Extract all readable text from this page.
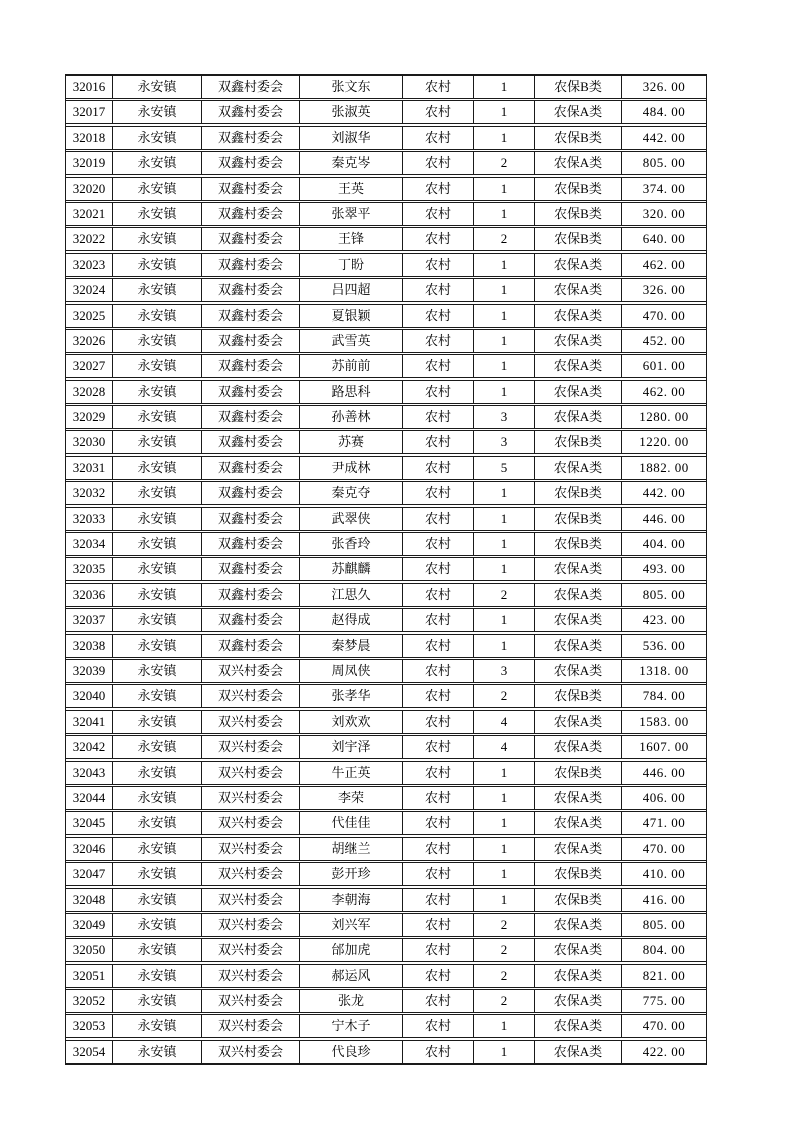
32016	永安镇	双鑫村委会	张文东	农村	1	农保B类	326. 00
32017	永安镇	双鑫村委会	张淑英	农村	1	农保A类	484. 00
32018	永安镇	双鑫村委会	刘淑华	农村	1	农保B类	442. 00
32019	永安镇	双鑫村委会	秦克岑	农村	2	农保A类	805. 00
32020	永安镇	双鑫村委会	王英	农村	1	农保B类	374. 00
32021	永安镇	双鑫村委会	张翠平	农村	1	农保B类	320. 00
32022	永安镇	双鑫村委会	王锋	农村	2	农保B类	640. 00
32023	永安镇	双鑫村委会	丁盼	农村	1	农保A类	462. 00
32024	永安镇	双鑫村委会	吕四超	农村	1	农保A类	326. 00
32025	永安镇	双鑫村委会	夏银颖	农村	1	农保A类	470. 00
32026	永安镇	双鑫村委会	武雪英	农村	1	农保A类	452. 00
32027	永安镇	双鑫村委会	苏前前	农村	1	农保A类	601. 00
32028	永安镇	双鑫村委会	路思科	农村	1	农保A类	462. 00
32029	永安镇	双鑫村委会	孙善林	农村	3	农保A类	1280. 00
32030	永安镇	双鑫村委会	苏赛	农村	3	农保B类	1220. 00
32031	永安镇	双鑫村委会	尹成林	农村	5	农保A类	1882. 00
32032	永安镇	双鑫村委会	秦克夺	农村	1	农保B类	442. 00
32033	永安镇	双鑫村委会	武翠侠	农村	1	农保B类	446. 00
32034	永安镇	双鑫村委会	张香玲	农村	1	农保B类	404. 00
32035	永安镇	双鑫村委会	苏麒麟	农村	1	农保A类	493. 00
32036	永安镇	双鑫村委会	江思久	农村	2	农保A类	805. 00
32037	永安镇	双鑫村委会	赵得成	农村	1	农保A类	423. 00
32038	永安镇	双鑫村委会	秦梦晨	农村	1	农保A类	536. 00
32039	永安镇	双兴村委会	周凤侠	农村	3	农保A类	1318. 00
32040	永安镇	双兴村委会	张孝华	农村	2	农保B类	784. 00
32041	永安镇	双兴村委会	刘欢欢	农村	4	农保A类	1583. 00
32042	永安镇	双兴村委会	刘宇泽	农村	4	农保A类	1607. 00
32043	永安镇	双兴村委会	牛正英	农村	1	农保B类	446. 00
32044	永安镇	双兴村委会	李荣	农村	1	农保A类	406. 00
32045	永安镇	双兴村委会	代佳佳	农村	1	农保A类	471. 00
32046	永安镇	双兴村委会	胡继兰	农村	1	农保A类	470. 00
32047	永安镇	双兴村委会	彭开珍	农村	1	农保B类	410. 00
32048	永安镇	双兴村委会	李朝海	农村	1	农保B类	416. 00
32049	永安镇	双兴村委会	刘兴军	农村	2	农保A类	805. 00
32050	永安镇	双兴村委会	邰加虎	农村	2	农保A类	804. 00
32051	永安镇	双兴村委会	郝运风	农村	2	农保A类	821. 00
32052	永安镇	双兴村委会	张龙	农村	2	农保A类	775. 00
32053	永安镇	双兴村委会	宁木子	农村	1	农保A类	470. 00
32054	永安镇	双兴村委会	代良珍	农村	1	农保A类	422. 00
